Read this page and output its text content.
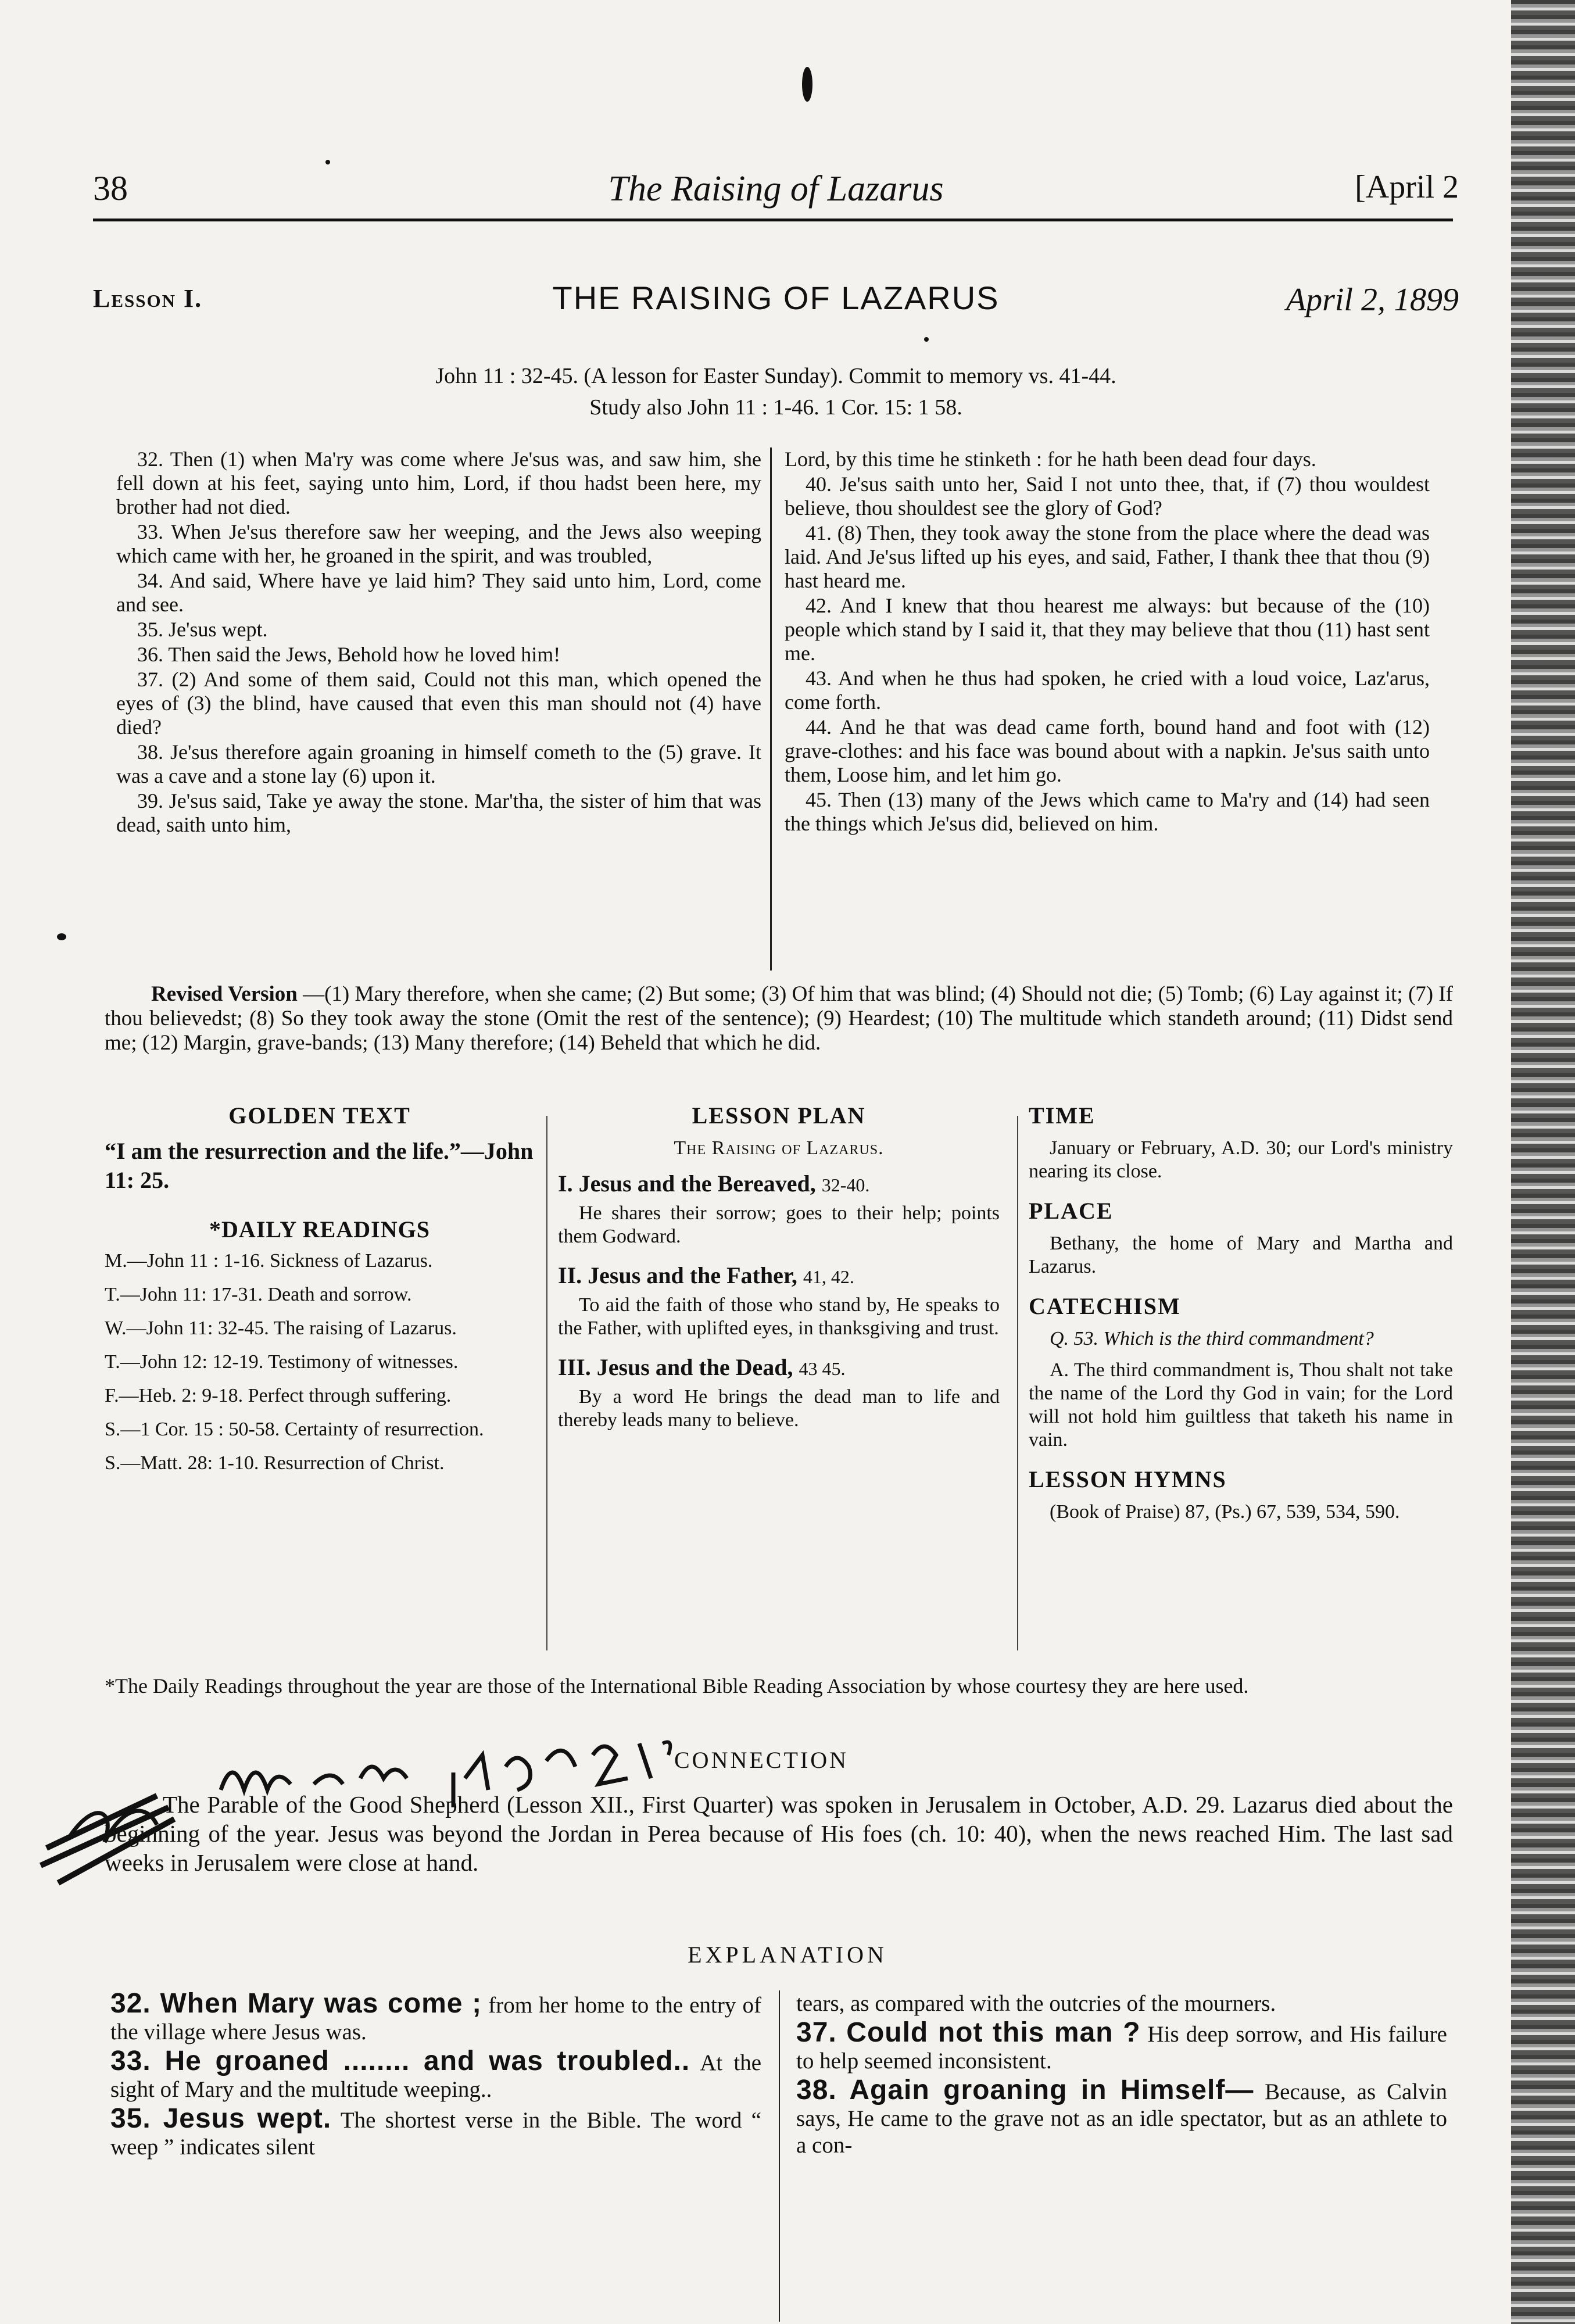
38	The Raising of Lazarus	[April 2
Lesson I.	THE RAISING OF LAZARUS	April 2, 1899
John 11 : 32-45. (A lesson for Easter Sunday). Commit to memory vs. 41-44.
Study also John 11 : 1-46. 1 Cor. 15: 1 58.

32. Then (1) when Ma'ry was come where Je'sus was, and saw him, she fell down at his feet, saying unto him, Lord, if thou hadst been here, my brother had not died.

33. When Je'sus therefore saw her weeping, and the Jews also weeping which came with her, he groaned in the spirit, and was troubled,

34. And said, Where have ye laid him? They said unto him, Lord, come and see.

35. Je'sus wept.

36. Then said the Jews, Behold how he loved him!

37. (2) And some of them said, Could not this man, which opened the eyes of (3) the blind, have caused that even this man should not (4) have died?

38. Je'sus therefore again groaning in himself cometh to the (5) grave. It was a cave and a stone lay (6) upon it.

39. Je'sus said, Take ye away the stone. Mar'tha, the sister of him that was dead, saith unto him,

Lord, by this time he stinketh : for he hath been dead four days.

40. Je'sus saith unto her, Said I not unto thee, that, if (7) thou wouldest believe, thou shouldest see the glory of God?

41. (8) Then, they took away the stone from the place where the dead was laid. And Je'sus lifted up his eyes, and said, Father, I thank thee that thou (9) hast heard me.

42. And I knew that thou hearest me always: but because of the (10) people which stand by I said it, that they may believe that thou (11) hast sent me.

43. And when he thus had spoken, he cried with a loud voice, Laz'arus, come forth.

44. And he that was dead came forth, bound hand and foot with (12) grave-clothes: and his face was bound about with a napkin. Je'sus saith unto them, Loose him, and let him go.

45. Then (13) many of the Jews which came to Ma'ry and (14) had seen the things which Je'sus did, believed on him.

Revised Version —(1) Mary therefore, when she came; (2) But some; (3) Of him that was blind; (4) Should not die; (5) Tomb; (6) Lay against it; (7) If thou believedst; (8) So they took away the stone (Omit the rest of the sentence); (9) Heardest; (10) The multitude which standeth around; (11) Didst send me; (12) Margin, grave-bands; (13) Many therefore; (14) Beheld that which he did.

GOLDEN TEXT
“I am the resurrection and the life.”—John 11: 25.
*DAILY READINGS
M.—John 11 : 1-16. Sickness of Lazarus.
T.—John 11: 17-31. Death and sorrow.
W.—John 11: 32-45. The raising of Lazarus.
T.—John 12: 12-19. Testimony of witnesses.
F.—Heb. 2: 9-18. Perfect through suffering.
S.—1 Cor. 15 : 50-58. Certainty of resurrection.
S.—Matt. 28: 1-10. Resurrection of Christ.
LESSON PLAN
The Raising of Lazarus.
I. Jesus and the Bereaved, 32-40.
He shares their sorrow; goes to their help; points them Godward.
II. Jesus and the Father, 41, 42.
To aid the faith of those who stand by, He speaks to the Father, with uplifted eyes, in thanksgiving and trust.
III. Jesus and the Dead, 43 45.
By a word He brings the dead man to life and thereby leads many to believe.
TIME
January or February, A.D. 30; our Lord's ministry nearing its close.
PLACE
Bethany, the home of Mary and Martha and Lazarus.
CATECHISM
Q. 53. Which is the third commandment?
A. The third commandment is, Thou shalt not take the name of the Lord thy God in vain; for the Lord will not hold him guiltless that taketh his name in vain.
LESSON HYMNS
(Book of Praise) 87, (Ps.) 67, 539, 534, 590.
*The Daily Readings throughout the year are those of the International Bible Reading Association by whose courtesy they are here used.
CONNECTION

The Parable of the Good Shepherd (Lesson XII., First Quarter) was spoken in Jerusalem in October, A.D. 29. Lazarus died about the beginning of the year. Jesus was beyond the Jordan in Perea because of His foes (ch. 10: 40), when the news reached Him. The last sad weeks in Jerusalem were close at hand.

EXPLANATION

32. When Mary was come ; from her home to the entry of the village where Jesus was.

33. He groaned ........ and was troubled.. At the sight of Mary and the multitude weeping..

35. Jesus wept. The shortest verse in the Bible. The word “ weep ” indicates silent

tears, as compared with the outcries of the mourners.

37. Could not this man ? His deep sorrow, and His failure to help seemed inconsistent.

38. Again groaning in Himself— Because, as Calvin says, He came to the grave not as an idle spectator, but as an athlete to a con-
